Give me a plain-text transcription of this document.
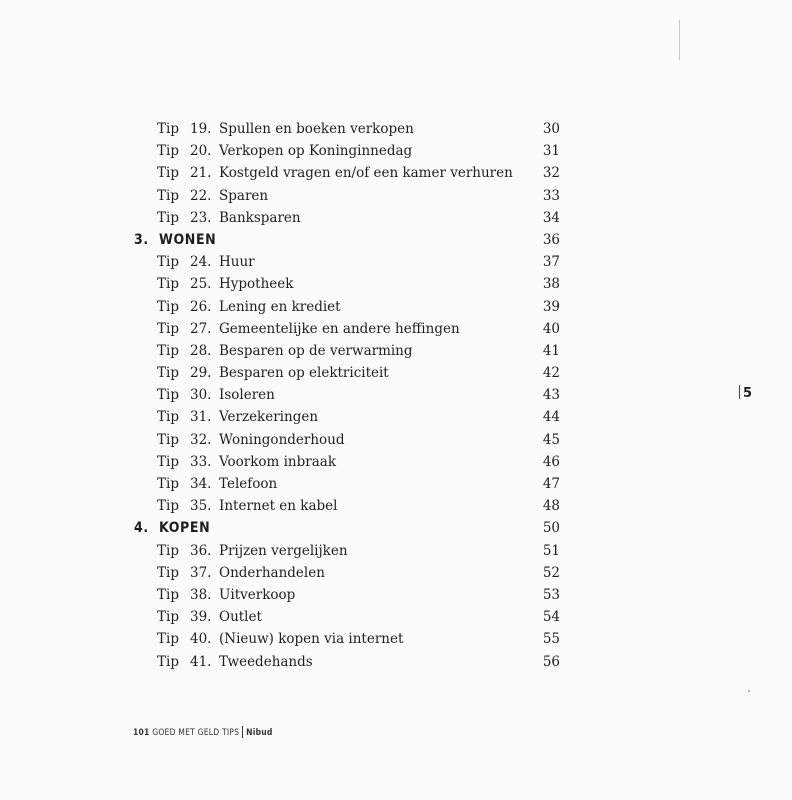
Tip 19. Spullen en boeken verkopen	30
Tip 20. Verkopen op Koninginnedag	31
Tip 21. Kostgeld vragen en/of een kamer verhuren	32
Tip 22. Sparen	33
Tip 23. Banksparen	34
3. WONEN	36
Tip 24. Huur	37
Tip 25. Hypotheek	38
Tip 26. Lening en krediet	39
Tip 27. Gemeentelijke en andere heffingen	40
Tip 28. Besparen op de verwarming	41
Tip 29. Besparen op elektriciteit	42
Tip 30. Isoleren	43
Tip 31. Verzekeringen	44
Tip 32. Woningonderhoud	45
Tip 33. Voorkom inbraak	46
Tip 34. Telefoon	47
Tip 35. Internet en kabel	48
4. KOPEN	50
Tip 36. Prijzen vergelijken	51
Tip 37. Onderhandelen	52
Tip 38. Uitverkoop	53
Tip 39. Outlet	54
Tip 40. (Nieuw) kopen via internet	55
Tip 41. Tweedehands	56
5
101 GOED MET GELD TIPS Nibud
